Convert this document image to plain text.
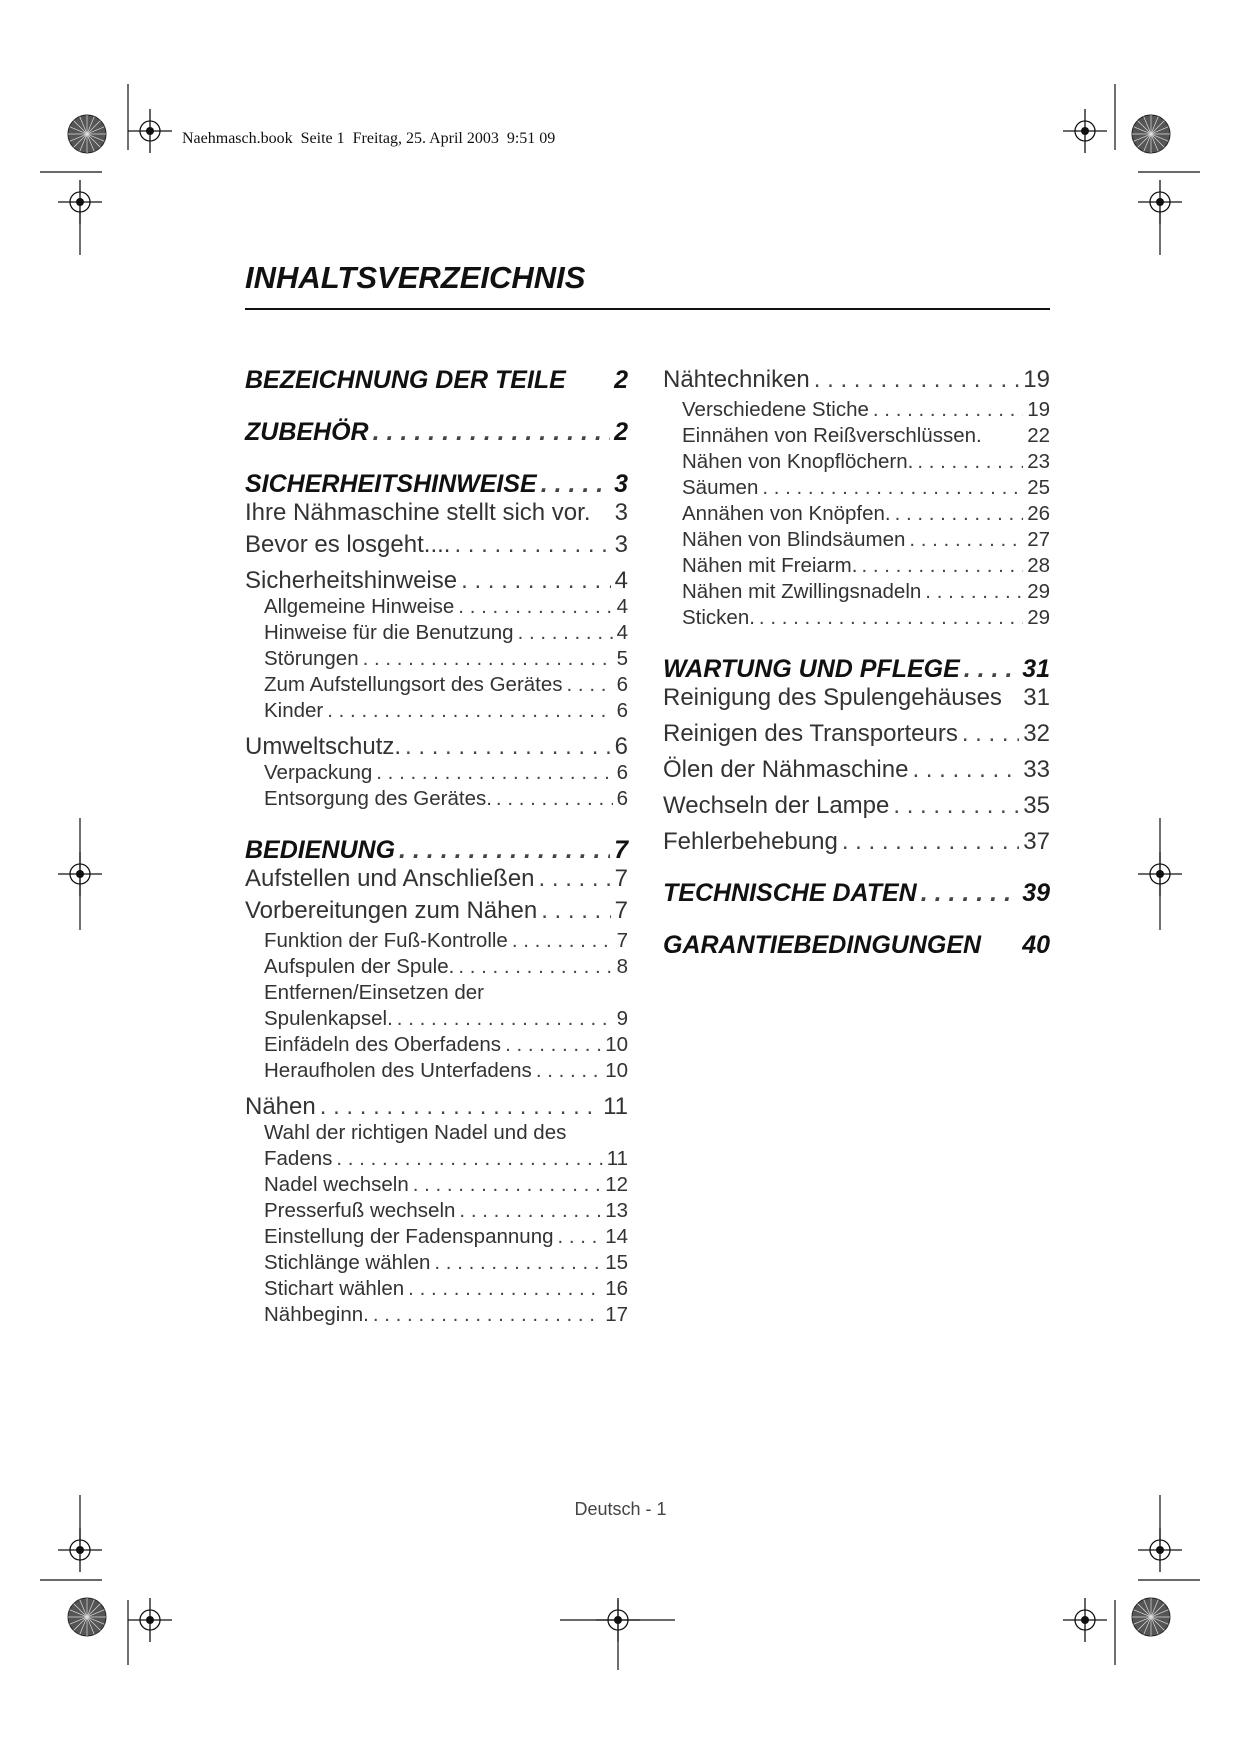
Naehmasch.book  Seite 1  Freitag, 25. April 2003  9:51 09
INHALTSVERZEICHNIS
BEZEICHNUNG DER TEILE 2
ZUBEHÖR . . .	2
SICHERHEITSHINWEISE . . .	3
Ihre Nähmaschine stellt sich vor. 3
Bevor es losgeht.... . . .	3
Sicherheitshinweise . . .	4
Allgemeine Hinweise . . .	4
Hinweise für die Benutzung . . .	4
Störungen . . .	5
Zum Aufstellungsort des Gerätes . . .	6
Kinder . . .	6
Umweltschutz. . . .	6
Verpackung . . .	6
Entsorgung des Gerätes. . . .	6
BEDIENUNG . . .	7
Aufstellen und Anschließen . . .	7
Vorbereitungen zum Nähen . . .	7
Funktion der Fuß-Kontrolle . . .	7
Aufspulen der Spule. . . .	8
Entfernen/Einsetzen der
Spulenkapsel. . . .	9
Einfädeln des Oberfadens . . .	10
Heraufholen des Unterfadens . . .	10
Nähen . . .	11
Wahl der richtigen Nadel und des
Fadens . . .	11
Nadel wechseln . . .	12
Presserfuß wechseln . . .	13
Einstellung der Fadenspannung . . .	14
Stichlänge wählen . . .	15
Stichart wählen . . .	16
Nähbeginn. . . .	17
Nähtechniken . . .	19
Verschiedene Stiche . . .	19
Einnähen von Reißverschlüssen. 22
Nähen von Knopflöchern. . . .	23
Säumen . . .	25
Annähen von Knöpfen. . . .	26
Nähen von Blindsäumen . . .	27
Nähen mit Freiarm. . . .	28
Nähen mit Zwillingsnadeln . . .	29
Sticken. . . .	29
WARTUNG UND PFLEGE . . . 31
Reinigung des Spulengehäuses 31
Reinigen des Transporteurs . . .	32
Ölen der Nähmaschine . . .	33
Wechseln der Lampe . . .	35
Fehlerbehebung . . .	37
TECHNISCHE DATEN . . .	39
GARANTIEBEDINGUNGEN 40
Deutsch - 1
